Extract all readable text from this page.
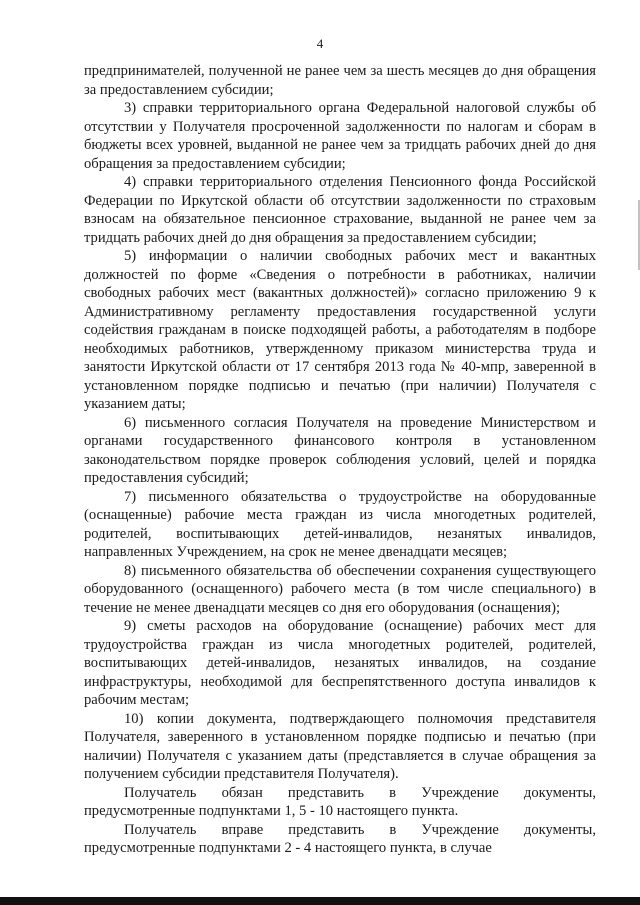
4

предпринимателей, полученной не ранее чем за шесть месяцев до дня обращения за предоставлением субсидии;

3) справки территориального органа Федеральной налоговой службы об отсутствии у Получателя просроченной задолженности по налогам и сборам в бюджеты всех уровней, выданной не ранее чем за тридцать рабочих дней до дня обращения за предоставлением субсидии;

4) справки территориального отделения Пенсионного фонда Российской Федерации по Иркутской области об отсутствии задолженности по страховым взносам на обязательное пенсионное страхование, выданной не ранее чем за тридцать рабочих дней до дня обращения за предоставлением субсидии;

5) информации о наличии свободных рабочих мест и вакантных должностей по форме «Сведения о потребности в работниках, наличии свободных рабочих мест (вакантных должностей)» согласно приложению 9 к Административному регламенту предоставления государственной услуги содействия гражданам в поиске подходящей работы, а работодателям в подборе необходимых работников, утвержденному приказом министерства труда и занятости Иркутской области от 17 сентября 2013 года № 40-мпр, заверенной в установленном порядке подписью и печатью (при наличии) Получателя с указанием даты;

6) письменного согласия Получателя на проведение Министерством и органами государственного финансового контроля в установленном законодательством порядке проверок соблюдения условий, целей и порядка предоставления субсидий;

7) письменного обязательства о трудоустройстве на оборудованные (оснащенные) рабочие места граждан из числа многодетных родителей, родителей, воспитывающих детей-инвалидов, незанятых инвалидов, направленных Учреждением, на срок не менее двенадцати месяцев;

8) письменного обязательства об обеспечении сохранения существующего оборудованного (оснащенного) рабочего места (в том числе специального) в течение не менее двенадцати месяцев со дня его оборудования (оснащения);

9) сметы расходов на оборудование (оснащение) рабочих мест для трудоустройства граждан из числа многодетных родителей, родителей, воспитывающих детей-инвалидов, незанятых инвалидов, на создание инфраструктуры, необходимой для беспрепятственного доступа инвалидов к рабочим местам;

10) копии документа, подтверждающего полномочия представителя Получателя, заверенного в установленном порядке подписью и печатью (при наличии) Получателя с указанием даты (представляется в случае обращения за получением субсидии представителя Получателя).

Получатель обязан представить в Учреждение документы, предусмотренные подпунктами 1, 5 - 10 настоящего пункта.

Получатель вправе представить в Учреждение документы, предусмотренные подпунктами 2 - 4 настоящего пункта, в случае
